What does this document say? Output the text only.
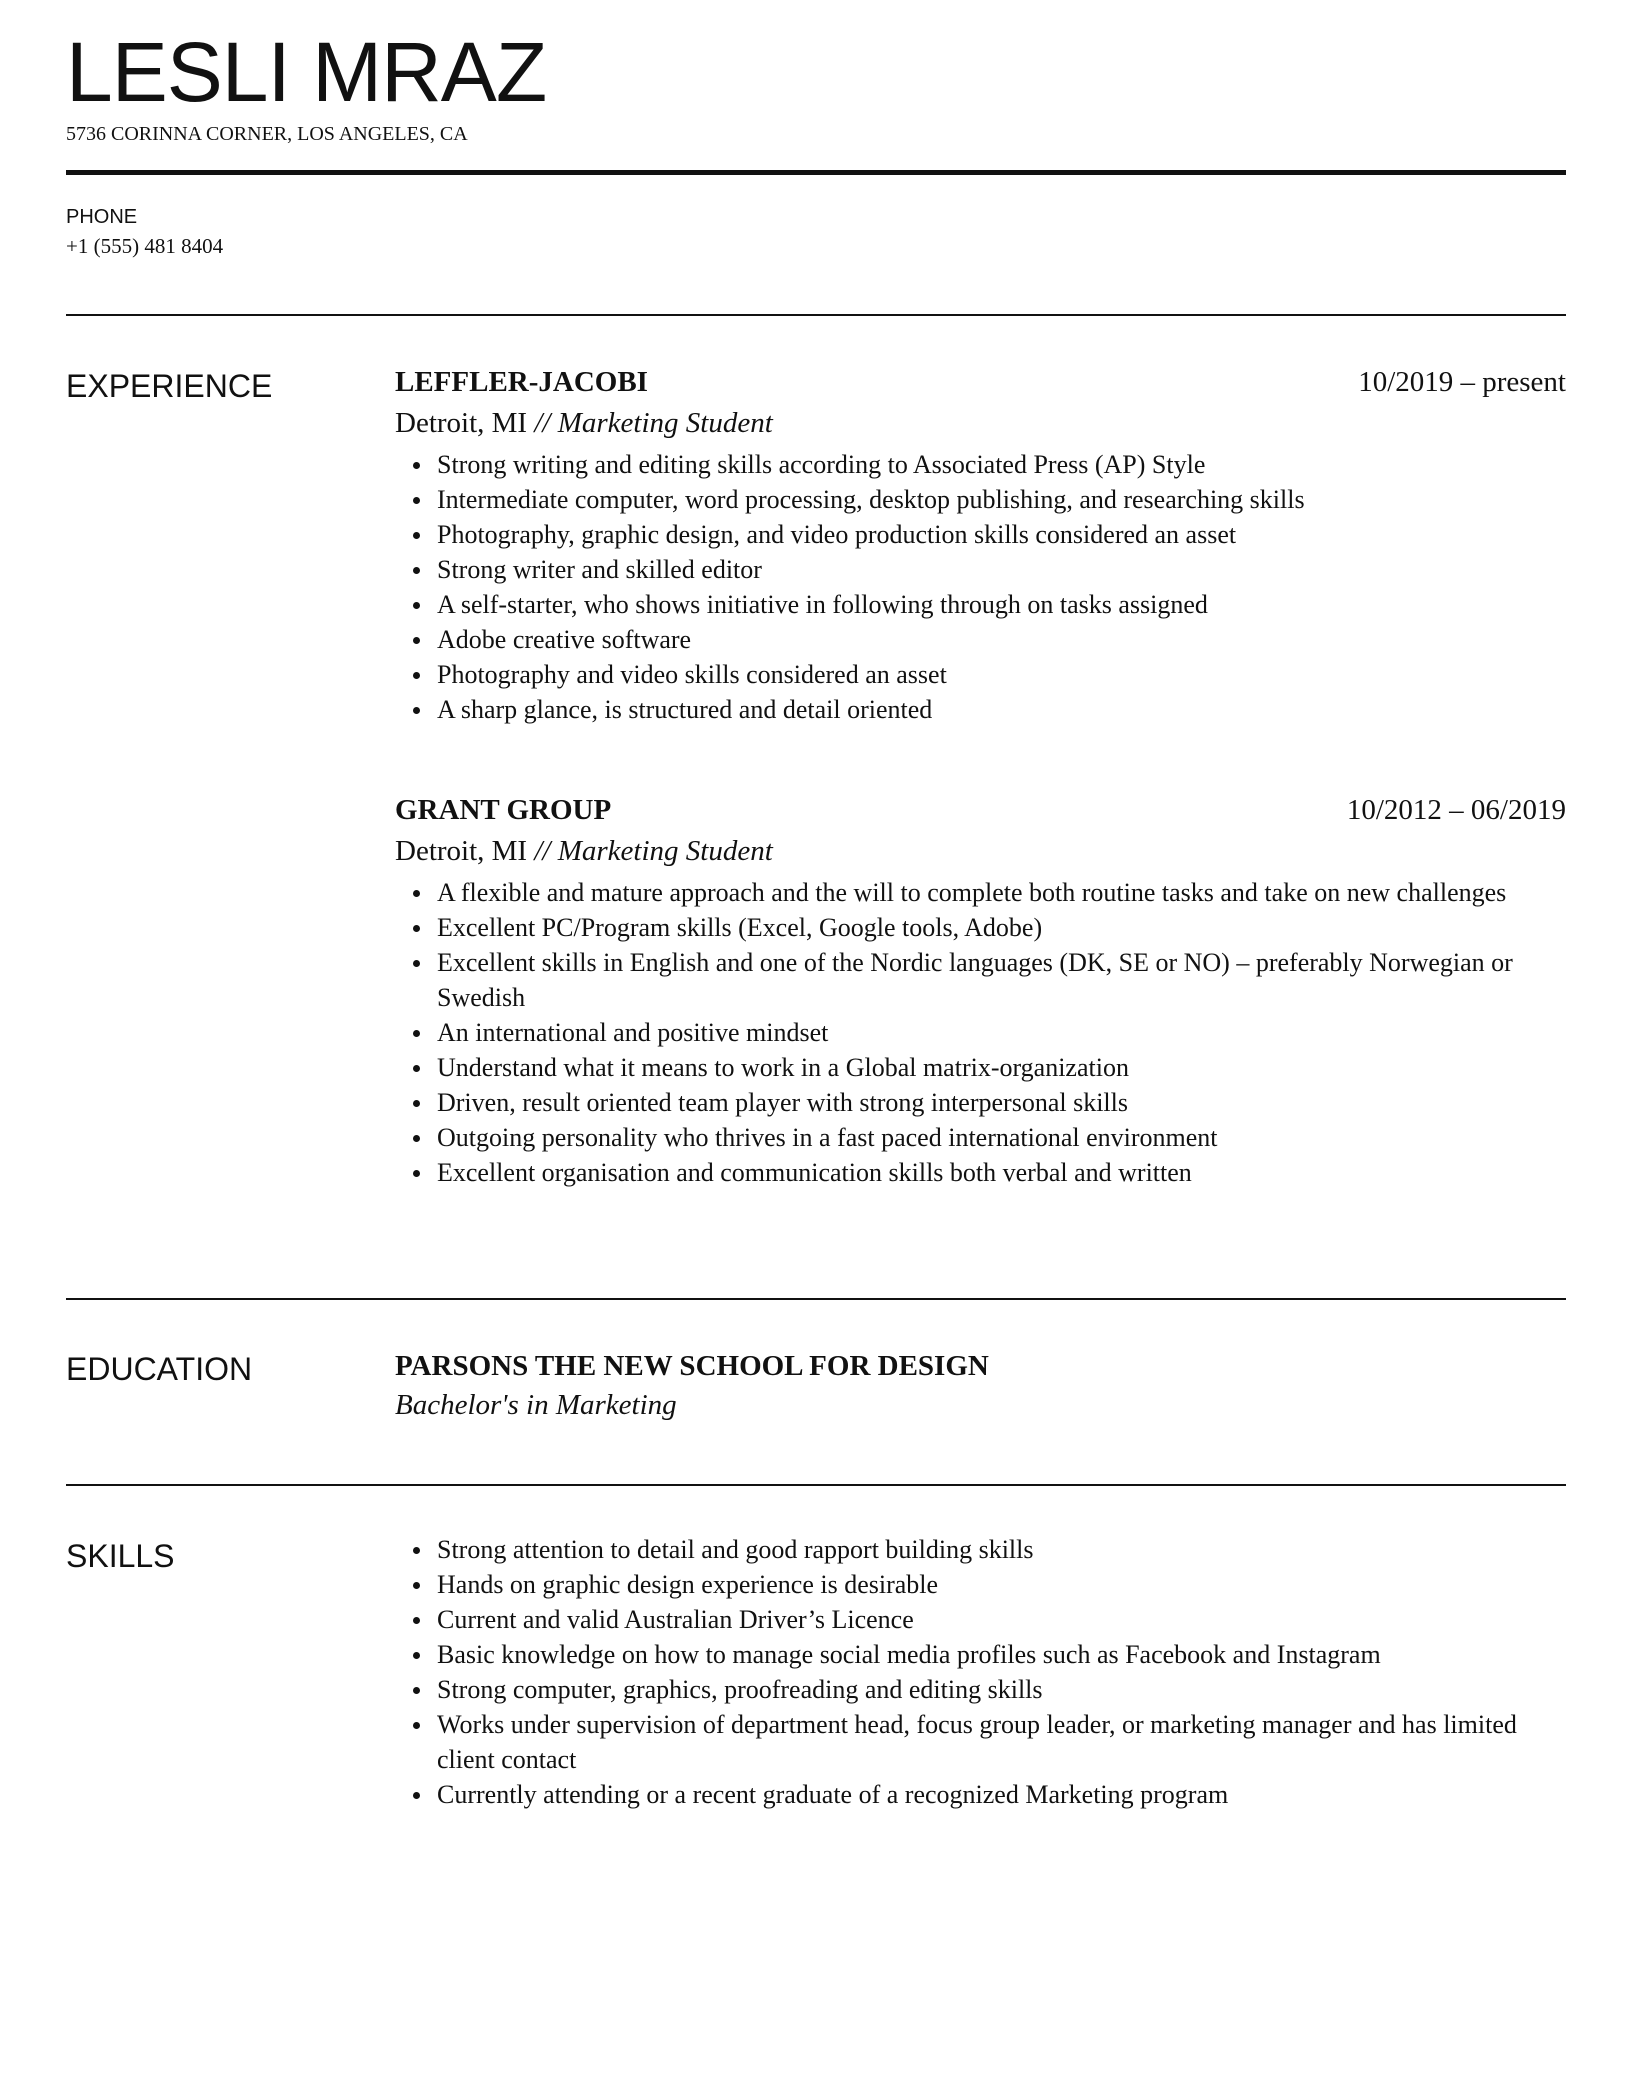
LESLI MRAZ
5736 CORINNA CORNER, LOS ANGELES, CA
PHONE
+1 (555) 481 8404
EXPERIENCE	LEFFLER-JACOBI	10/2019 – present
Detroit, MI // Marketing Student
Strong writing and editing skills according to Associated Press (AP) Style
Intermediate computer, word processing, desktop publishing, and researching skills
Photography, graphic design, and video production skills considered an asset
Strong writer and skilled editor
A self-starter, who shows initiative in following through on tasks assigned
Adobe creative software
Photography and video skills considered an asset
A sharp glance, is structured and detail oriented
GRANT GROUP	10/2012 – 06/2019
Detroit, MI // Marketing Student
A flexible and mature approach and the will to complete both routine tasks and take on new challenges
Excellent PC/Program skills (Excel, Google tools, Adobe)
Excellent skills in English and one of the Nordic languages (DK, SE or NO) – preferably Norwegian or Swedish
An international and positive mindset
Understand what it means to work in a Global matrix-organization
Driven, result oriented team player with strong interpersonal skills
Outgoing personality who thrives in a fast paced international environment
Excellent organisation and communication skills both verbal and written
EDUCATION	PARSONS THE NEW SCHOOL FOR DESIGN
Bachelor's in Marketing
SKILLS	Strong attention to detail and good rapport building skills
Hands on graphic design experience is desirable
Current and valid Australian Driver’s Licence
Basic knowledge on how to manage social media profiles such as Facebook and Instagram
Strong computer, graphics, proofreading and editing skills
Works under supervision of department head, focus group leader, or marketing manager and has limited client contact
Currently attending or a recent graduate of a recognized Marketing program
